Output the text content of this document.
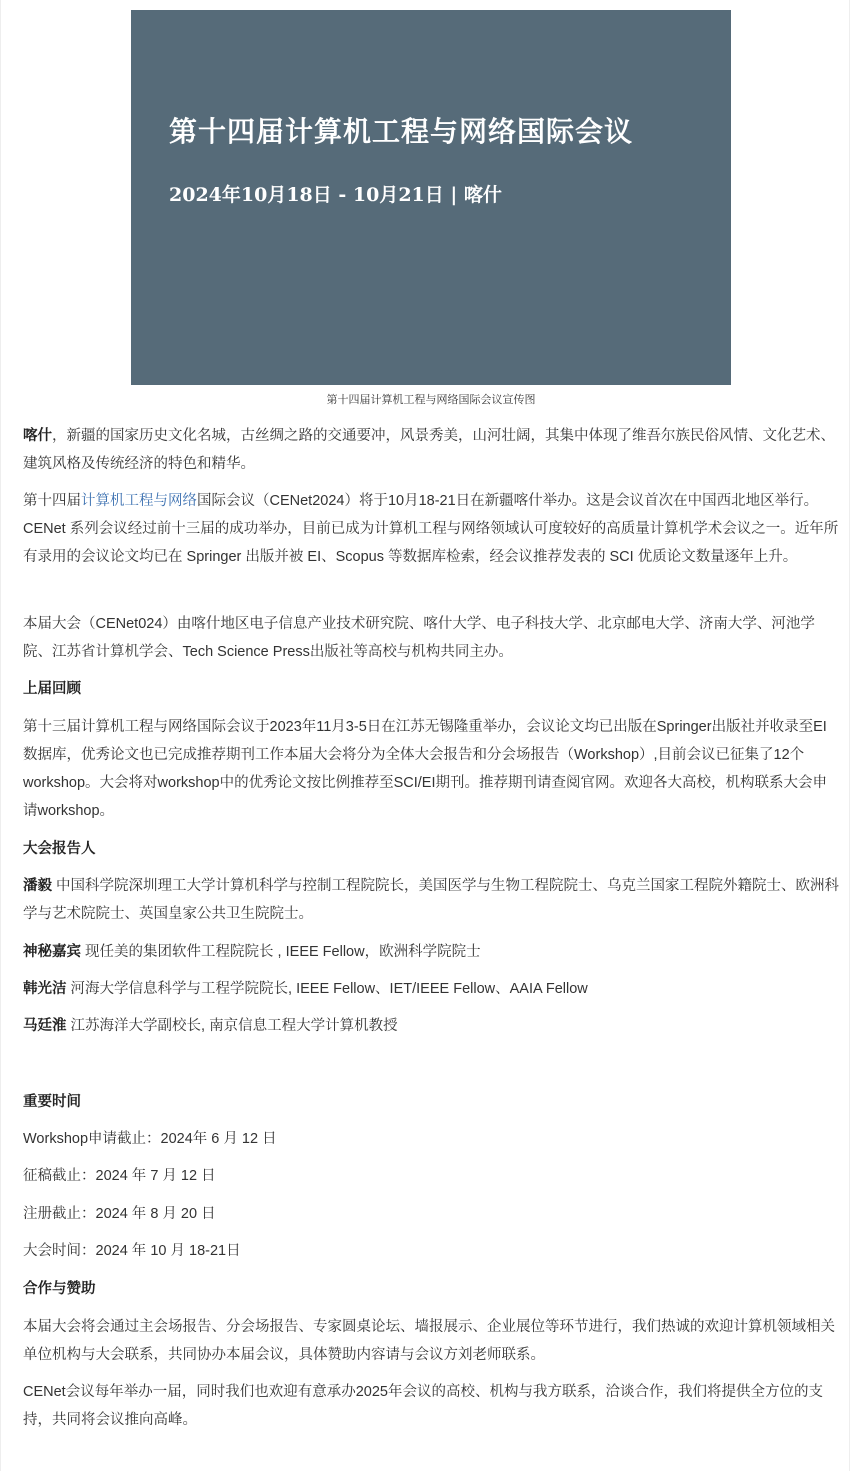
第十四届计算机工程与网络国际会议
2024年10月18日 - 10月21日 | 喀什
第十四届计算机工程与网络国际会议宣传图

喀什，新疆的国家历史文化名城，古丝绸之路的交通要冲，风景秀美，山河壮阔，其集中体现了维吾尔族民俗风情、文化艺术、建筑风格及传统经济的特色和精华。

第十四届计算机工程与网络国际会议（CENet2024）将于10月18-21日在新疆喀什举办。这是会议首次在中国西北地区举行。CENet 系列会议经过前十三届的成功举办，目前已成为计算机工程与网络领域认可度较好的高质量计算机学术会议之一。近年所有录用的会议论文均已在 Springer 出版并被 EI、Scopus 等数据库检索，经会议推荐发表的 SCI 优质论文数量逐年上升。

本届大会（CENet024）由喀什地区电子信息产业技术研究院、喀什大学、电子科技大学、北京邮电大学、济南大学、河池学院、江苏省计算机学会、Tech Science Press出版社等高校与机构共同主办。

上届回顾

第十三届计算机工程与网络国际会议于2023年11月3-5日在江苏无锡隆重举办，会议论文均已出版在Springer出版社并收录至EI数据库，优秀论文也已完成推荐期刊工作本届大会将分为全体大会报告和分会场报告（Workshop）,目前会议已征集了12个workshop。大会将对workshop中的优秀论文按比例推荐至SCI/EI期刊。推荐期刊请查阅官网。欢迎各大高校，机构联系大会申请workshop。

大会报告人

潘毅 中国科学院深圳理工大学计算机科学与控制工程院院长，美国医学与生物工程院院士、乌克兰国家工程院外籍院士、欧洲科学与艺术院院士、英国皇家公共卫生院院士。

神秘嘉宾 现任美的集团软件工程院院长 , IEEE Fellow，欧洲科学院院士

韩光洁 河海大学信息科学与工程学院院长, IEEE Fellow、IET/IEEE Fellow、AAIA Fellow

马廷淮 江苏海洋大学副校长, 南京信息工程大学计算机教授

重要时间

Workshop申请截止：2024年 6 月 12 日

征稿截止：2024 年 7 月 12 日

注册截止：2024 年 8 月 20 日

大会时间：2024 年 10 月 18-21日

合作与赞助

本届大会将会通过主会场报告、分会场报告、专家圆桌论坛、墙报展示、企业展位等环节进行，我们热诚的欢迎计算机领域相关单位机构与大会联系，共同协办本届会议，具体赞助内容请与会议方刘老师联系。

CENet会议每年举办一届，同时我们也欢迎有意承办2025年会议的高校、机构与我方联系，洽谈合作，我们将提供全方位的支持，共同将会议推向高峰。
